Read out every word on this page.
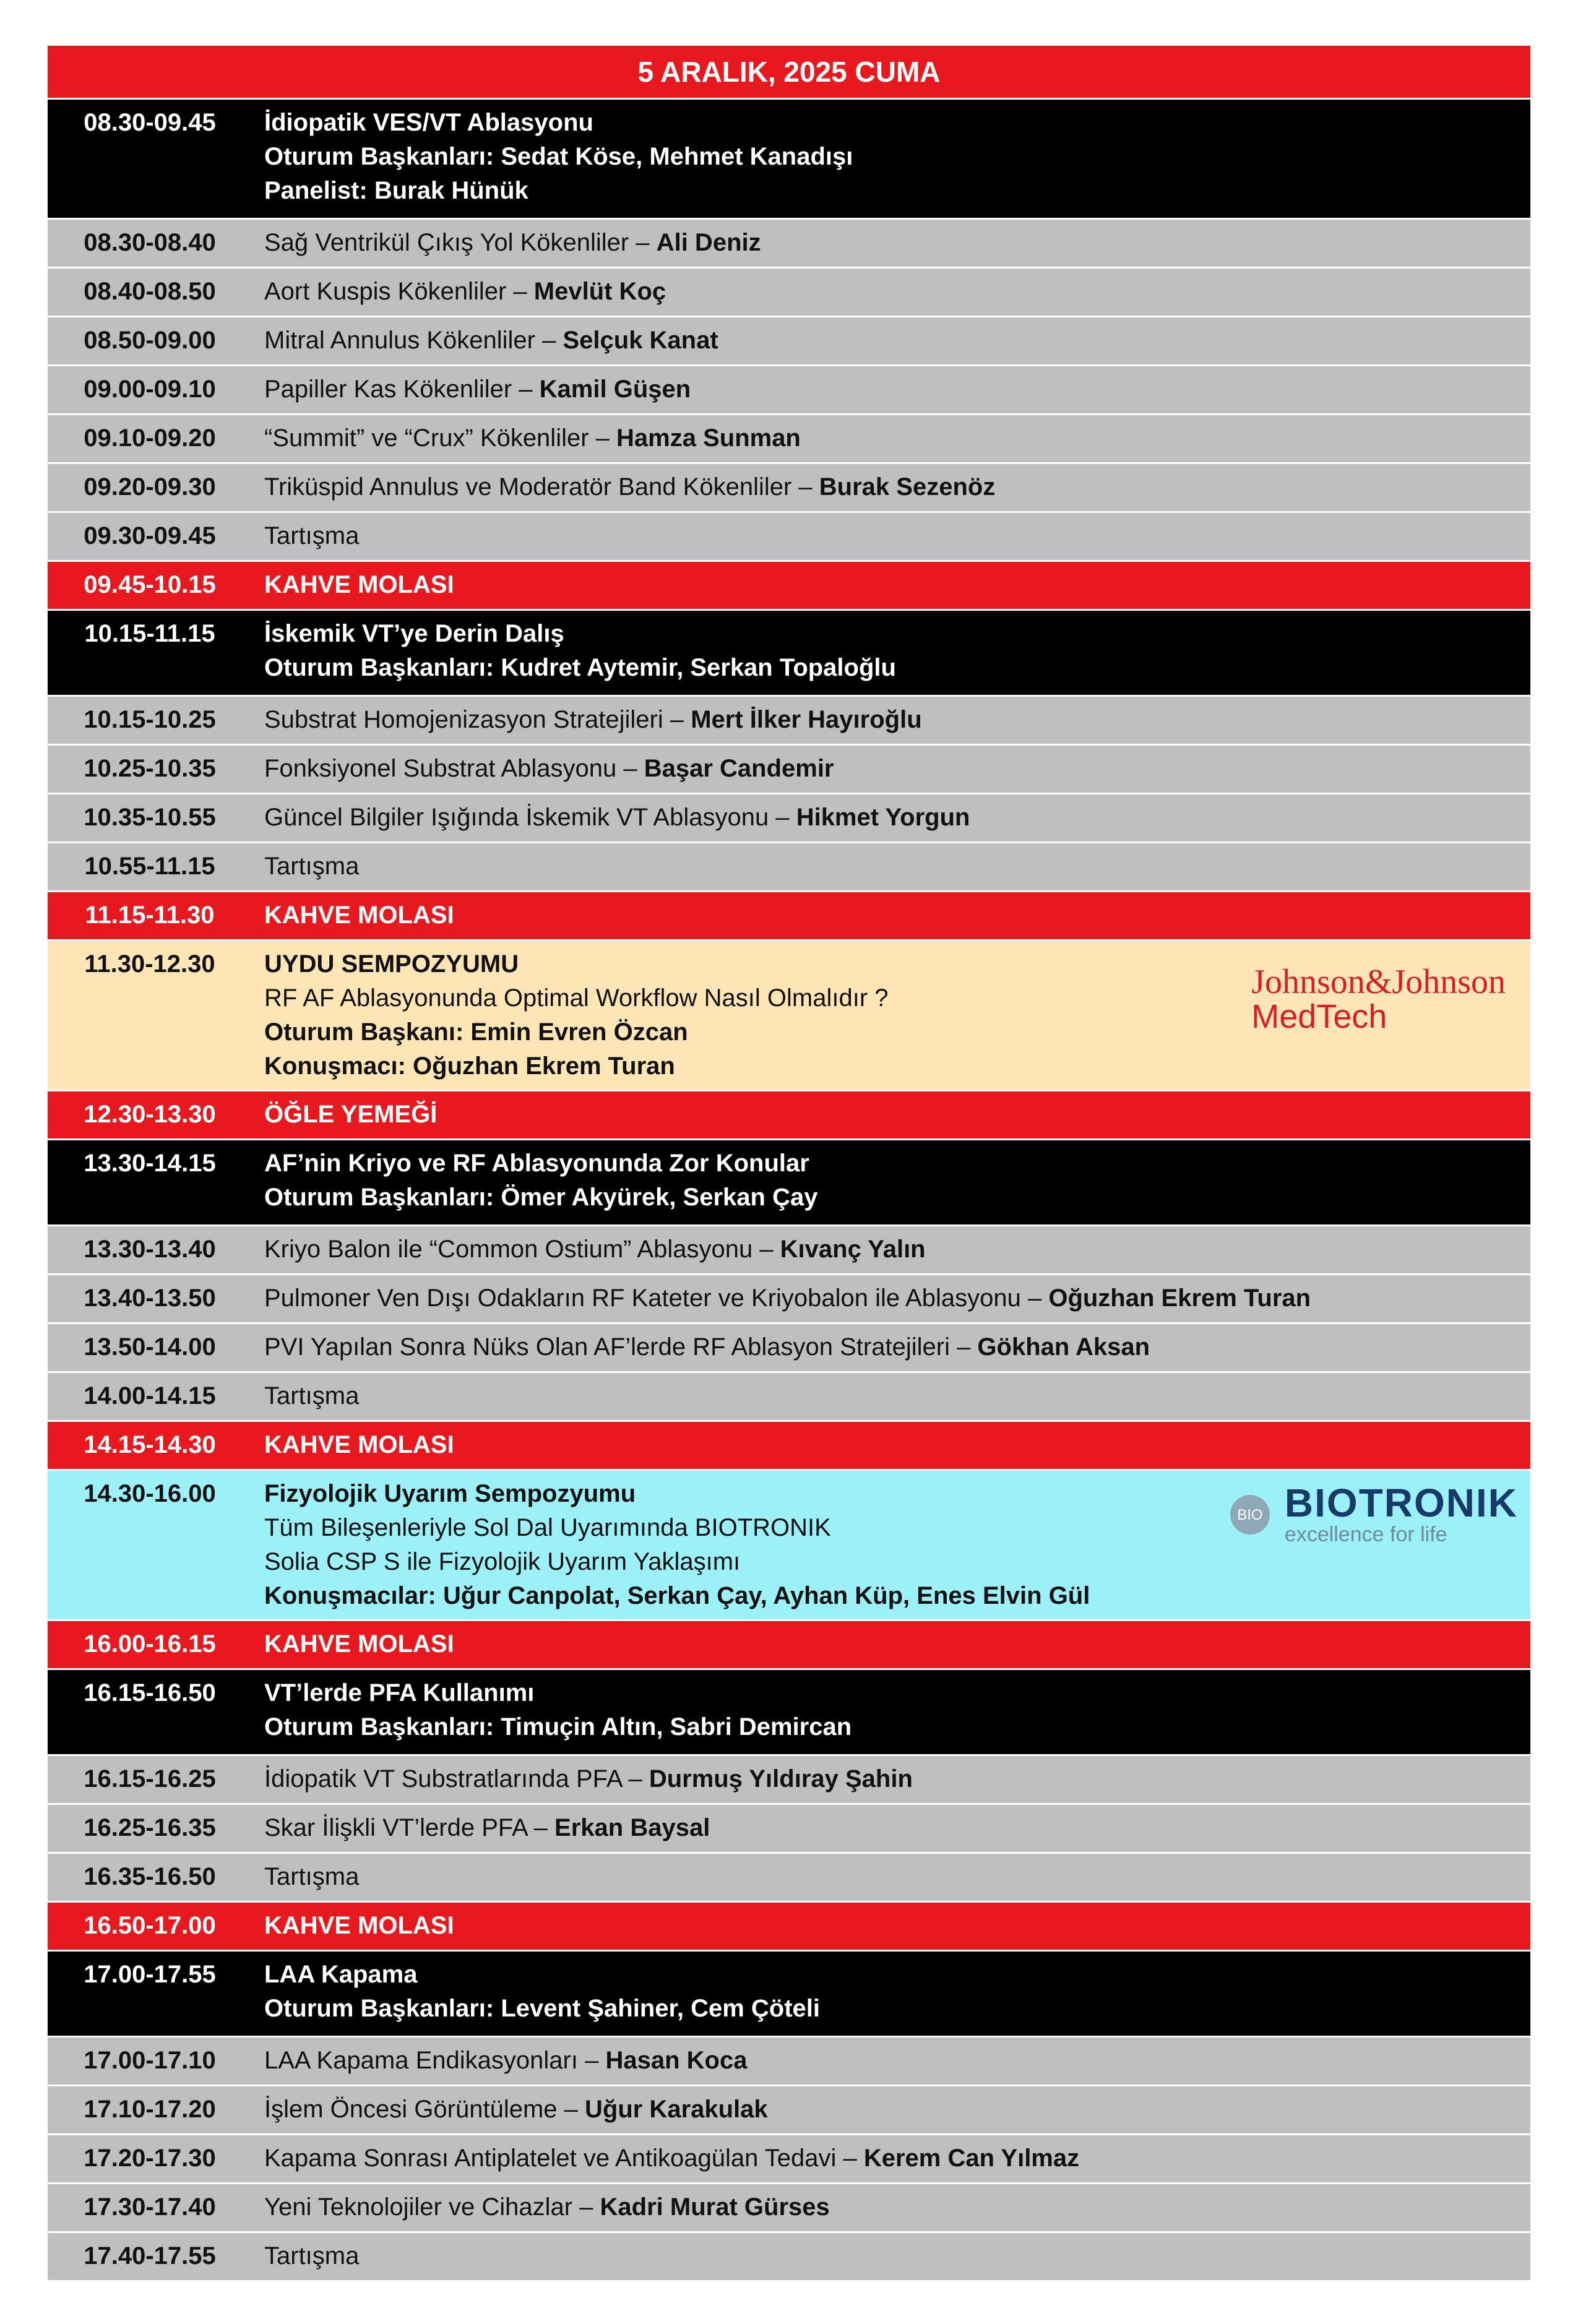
5 ARALIK, 2025 CUMA
08.30-09.45	İdiopatik VES/VT Ablasyonu
Oturum Başkanları: Sedat Köse, Mehmet Kanadışı
Panelist: Burak Hünük
08.30-08.40	Sağ Ventrikül Çıkış Yol Kökenliler – Ali Deniz
08.40-08.50	Aort Kuspis Kökenliler – Mevlüt Koç
08.50-09.00	Mitral Annulus Kökenliler – Selçuk Kanat
09.00-09.10	Papiller Kas Kökenliler – Kamil Güşen
09.10-09.20	“Summit” ve “Crux” Kökenliler – Hamza Sunman
09.20-09.30	Triküspid Annulus ve Moderatör Band Kökenliler – Burak Sezenöz
09.30-09.45	Tartışma
09.45-10.15	KAHVE MOLASI
10.15-11.15	İskemik VT’ye Derin Dalış
Oturum Başkanları: Kudret Aytemir, Serkan Topaloğlu
10.15-10.25	Substrat Homojenizasyon Stratejileri – Mert İlker Hayıroğlu
10.25-10.35	Fonksiyonel Substrat Ablasyonu – Başar Candemir
10.35-10.55	Güncel Bilgiler Işığında İskemik VT Ablasyonu – Hikmet Yorgun
10.55-11.15	Tartışma
11.15-11.30	KAHVE MOLASI
11.30-12.30	UYDU SEMPOZYUMU
RF AF Ablasyonunda Optimal Workflow Nasıl Olmalıdır ?
Oturum Başkanı: Emin Evren Özcan
Konuşmacı: Oğuzhan Ekrem Turan
Johnson&Johnson
MedTech
12.30-13.30	ÖĞLE YEMEĞİ
13.30-14.15	AF’nin Kriyo ve RF Ablasyonunda Zor Konular
Oturum Başkanları: Ömer Akyürek, Serkan Çay
13.30-13.40	Kriyo Balon ile “Common Ostium” Ablasyonu – Kıvanç Yalın
13.40-13.50	Pulmoner Ven Dışı Odakların RF Kateter ve Kriyobalon ile Ablasyonu – Oğuzhan Ekrem Turan
13.50-14.00	PVI Yapılan Sonra Nüks Olan AF’lerde RF Ablasyon Stratejileri – Gökhan Aksan
14.00-14.15	Tartışma
14.15-14.30	KAHVE MOLASI
14.30-16.00	Fizyolojik Uyarım Sempozyumu
Tüm Bileşenleriyle Sol Dal Uyarımında BIOTRONIK
Solia CSP S ile Fizyolojik Uyarım Yaklaşımı
Konuşmacılar: Uğur Canpolat, Serkan Çay, Ayhan Küp, Enes Elvin Gül
BIO BIOTRONIK
excellence for life
16.00-16.15	KAHVE MOLASI
16.15-16.50	VT’lerde PFA Kullanımı
Oturum Başkanları: Timuçin Altın, Sabri Demircan
16.15-16.25	İdiopatik VT Substratlarında PFA – Durmuş Yıldıray Şahin
16.25-16.35	Skar İlişkli VT’lerde PFA – Erkan Baysal
16.35-16.50	Tartışma
16.50-17.00	KAHVE MOLASI
17.00-17.55	LAA Kapama
Oturum Başkanları: Levent Şahiner, Cem Çöteli
17.00-17.10	LAA Kapama Endikasyonları – Hasan Koca
17.10-17.20	İşlem Öncesi Görüntüleme – Uğur Karakulak
17.20-17.30	Kapama Sonrası Antiplatelet ve Antikoagülan Tedavi – Kerem Can Yılmaz
17.30-17.40	Yeni Teknolojiler ve Cihazlar – Kadri Murat Gürses
17.40-17.55	Tartışma
